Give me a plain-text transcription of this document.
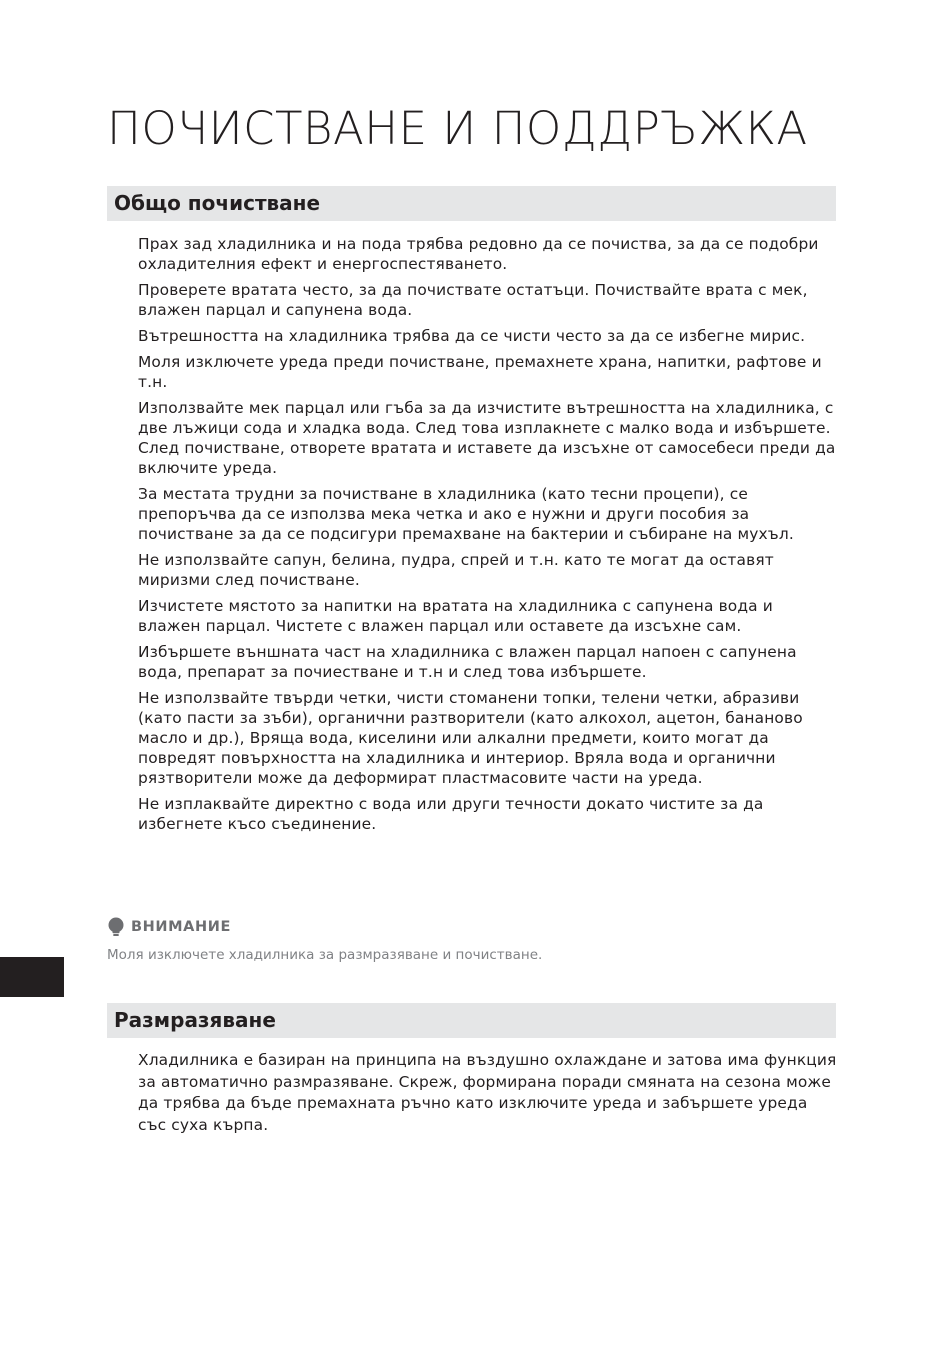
ПОЧИСТВАНЕ И ПОДДРЪЖКА
Общо почистване
Прах зад хладилника и на пода трябва редовно да се почиства, за да се подобри охладителния ефект и енергоспестяването.
Проверете вратата често, за да почиствате остатъци. Почиствайте врата с мек, влажен парцал и сапунена вода.
Вътрешността на хладилника трябва да се чисти често за да се избегне мирис.
Моля изключете уреда преди почистване, премахнете храна, напитки, рафтове и т.н.
Използвайте мек парцал или гъба за да изчистите вътрешността на хладилника, с две лъжици сода и хладка вода. След това изплакнете с малко вода и избършете. След почистване, отворете вратата и иставете да изсъхне от самосебеси преди да включите уреда.
За местата трудни за почистване в хладилника (като тесни процепи), се препоръчва да се използва мека четка и ако е нужни и други пособия за почистване за да се подсигури премахване на бактерии и събиране на мухъл.
Не използвайте сапун, белина, пудра, спрей и т.н. като те могат да оставят миризми след почистване.
Изчистете мястото за напитки на вратата на хладилника с сапунена вода и влажен парцал. Чистете с влажен парцал или оставете да изсъхне сам.
Избършете външната част на хладилника с влажен парцал напоен с сапунена вода, препарат за почиестване и т.н и след това избършете.
Не използвайте твърди четки, чисти стоманени топки, телени четки, абразиви (като пасти за зъби), органични разтворители (като алкохол, ацетон, бананово масло и др.), Вряща вода, киселини или алкални предмети, които могат да повредят повърхността на хладилника и интериор. Вряла вода и органични рязтворители може да деформират пластмасовите части на уреда.
Не изплаквайте директно с вода или други течности докато чистите за да избегнете късо съединение.
ВНИМАНИЕ

Моля изключете хладилника за размразяване и почистване.

Размразяване
Хладилника е базиран на принципа на въздушно охлаждане и затова има функция за автоматично размразяване. Скреж, формирана поради смяната на сезона може да трябва да бъде премахната ръчно като изключите уреда и забършете уреда със суха кърпа.
